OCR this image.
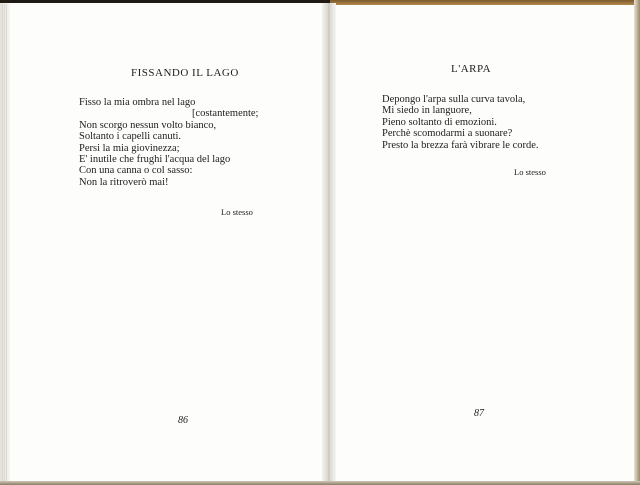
FISSANDO IL LAGO
Fisso la mia ombra nel lago
[costantemente;
Non scorgo nessun volto bianco,
Soltanto i capelli canuti.
Persi la mia giovinezza;
E' inutile che frughi l'acqua del lago
Con una canna o col sasso:
Non la ritroverò mai!
Lo stesso
86
L'ARPA
Depongo l'arpa sulla curva tavola,
Mi siedo in languore,
Pieno soltanto di emozioni.
Perchè scomodarmi a suonare?
Presto la brezza farà vibrare le corde.
Lo stesso
87
